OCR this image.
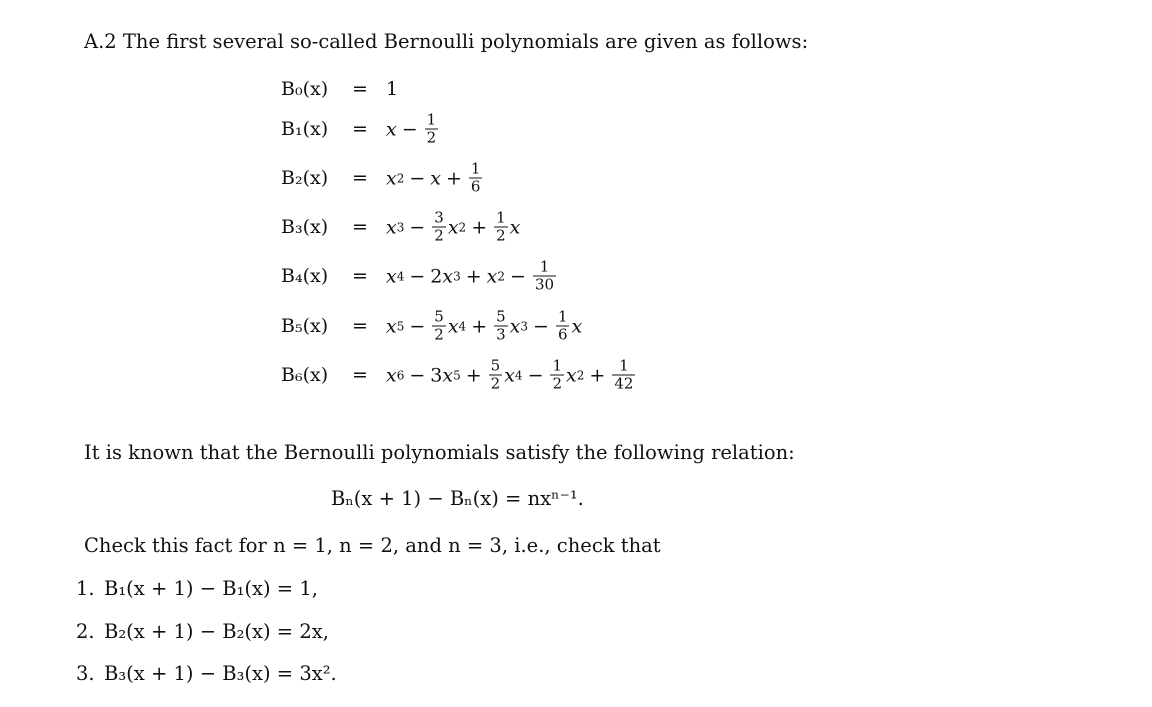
A.2 The first several so-called Bernoulli polynomials are given as follows:
B₀(x) = 1
$B_1(x) = x - \frac{1}{2}$
B₂(x) = x $2 - x + \frac{1}{6}$
B₃(x) = x $3 - \frac{3}{2}$ x $2 + \frac{1}{2}$ x
B₄(x) = x 4 − 2 x 3 + x $2 - \frac{1}{30}$
B₅(x) = x $5 - \frac{5}{2}$ x $4 + \frac{5}{3}$ x $3 - \frac{1}{6}$ x
B₆(x) = x 6 − 3 x $5 + \frac{5}{2}$ x $4 - \frac{1}{2}$ x $2 + \frac{1}{42}$
It is known that the Bernoulli polynomials satisfy the following relation:
Bₙ(x + 1) − Bₙ(x) = nxⁿ⁻¹.
Check this fact for n = 1, n = 2, and n = 3, i.e., check that
1. B₁(x + 1) − B₁(x) = 1,
2. B₂(x + 1) − B₂(x) = 2x,
3. B₃(x + 1) − B₃(x) = 3x².
